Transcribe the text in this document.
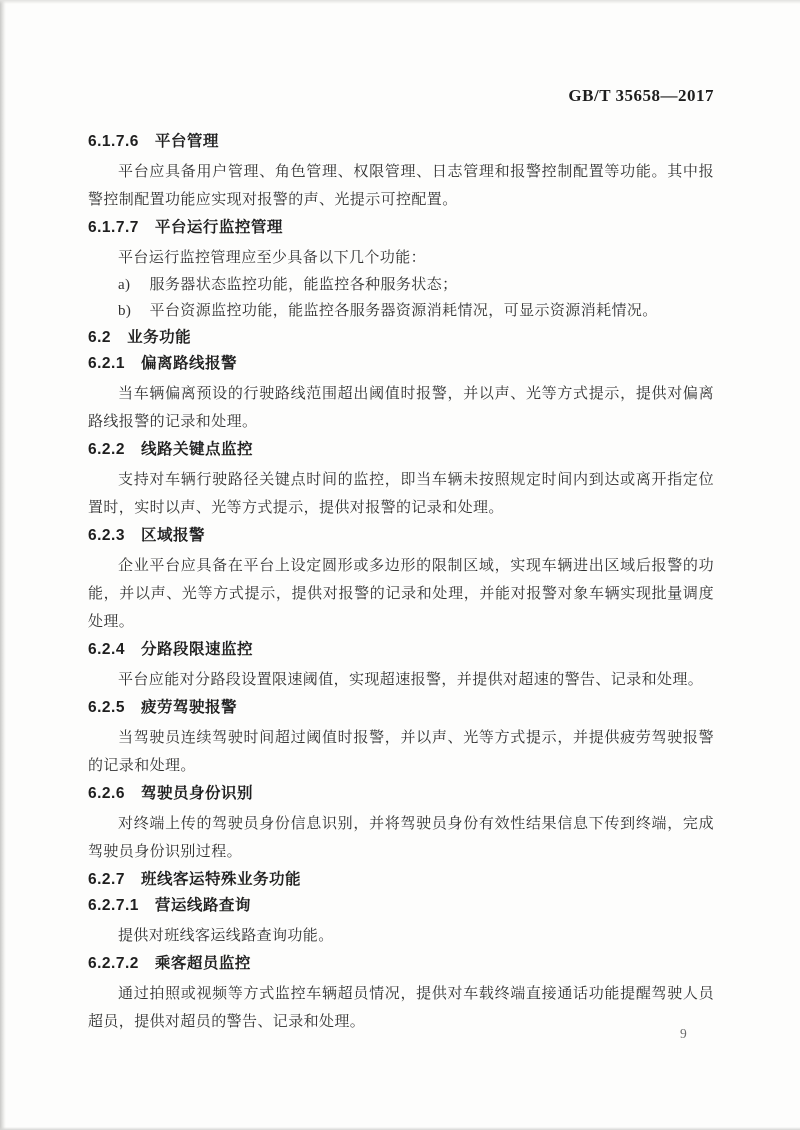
GB/T 35658—2017
6.1.7.6 平台管理

平台应具备用户管理、角色管理、权限管理、日志管理和报警控制配置等功能。其中报警控制配置功能应实现对报警的声、光提示可控配置。

6.1.7.7 平台运行监控管理

平台运行监控管理应至少具备以下几个功能：

a) 服务器状态监控功能，能监控各种服务状态；

b) 平台资源监控功能，能监控各服务器资源消耗情况，可显示资源消耗情况。

6.2 业务功能
6.2.1 偏离路线报警

当车辆偏离预设的行驶路线范围超出阈值时报警，并以声、光等方式提示，提供对偏离路线报警的记录和处理。

6.2.2 线路关键点监控

支持对车辆行驶路径关键点时间的监控，即当车辆未按照规定时间内到达或离开指定位置时，实时以声、光等方式提示，提供对报警的记录和处理。

6.2.3 区域报警

企业平台应具备在平台上设定圆形或多边形的限制区域，实现车辆进出区域后报警的功能，并以声、光等方式提示，提供对报警的记录和处理，并能对报警对象车辆实现批量调度处理。

6.2.4 分路段限速监控

平台应能对分路段设置限速阈值，实现超速报警，并提供对超速的警告、记录和处理。

6.2.5 疲劳驾驶报警

当驾驶员连续驾驶时间超过阈值时报警，并以声、光等方式提示，并提供疲劳驾驶报警的记录和处理。

6.2.6 驾驶员身份识别

对终端上传的驾驶员身份信息识别，并将驾驶员身份有效性结果信息下传到终端，完成驾驶员身份识别过程。

6.2.7 班线客运特殊业务功能
6.2.7.1 营运线路查询

提供对班线客运线路查询功能。

6.2.7.2 乘客超员监控

通过拍照或视频等方式监控车辆超员情况，提供对车载终端直接通话功能提醒驾驶人员超员，提供对超员的警告、记录和处理。

9
